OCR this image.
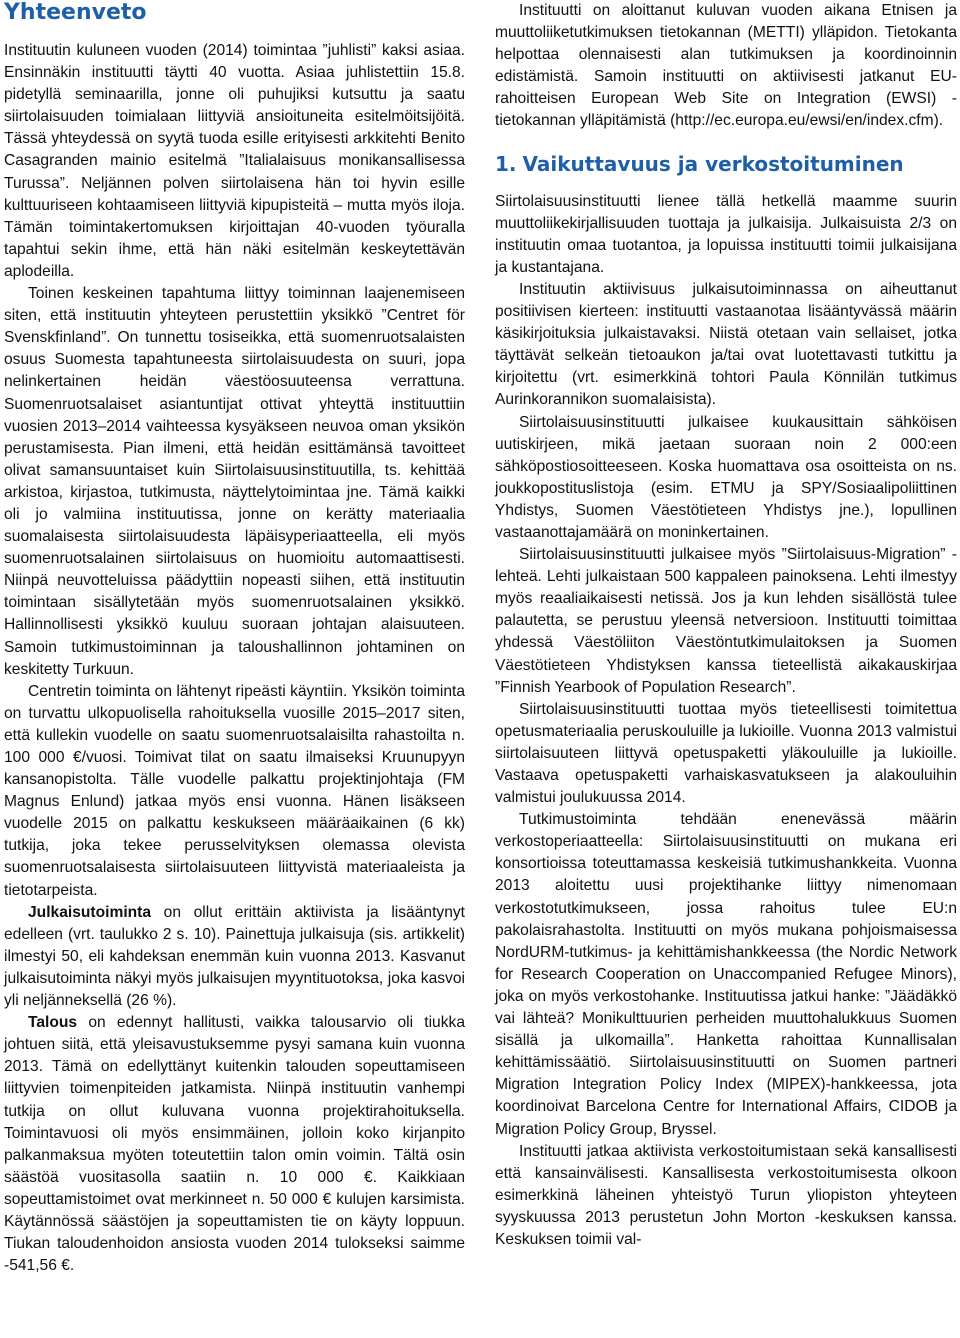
Yhteenveto

Instituutin kuluneen vuoden (2014) toimintaa ”juhlisti” kaksi asiaa. Ensinnäkin instituutti täytti 40 vuotta. Asiaa juhlistettiin 15.8. pidetyllä seminaarilla, jonne oli puhujiksi kutsuttu ja saatu siirtolaisuuden toimialaan liittyviä ansioituneita esitelmöitsijöitä. Tässä yhteydessä on syytä tuoda esille erityisesti arkkitehti Benito Casagranden mainio esitelmä ”Italialaisuus monikansallisessa Turussa”. Neljännen polven siirtolaisena hän toi hyvin esille kulttuuriseen kohtaamiseen liittyviä kipupisteitä – mutta myös iloja. Tämän toimintakertomuksen kirjoittajan 40-vuoden työuralla tapahtui sekin ihme, että hän näki esitelmän keskeytettävän aplodeilla.

Toinen keskeinen tapahtuma liittyy toiminnan laajenemiseen siten, että instituutin yhteyteen perustettiin yksikkö ”Centret för Svenskfinland”. On tunnettu tosiseikka, että suomenruotsalaisten osuus Suomesta tapahtuneesta siirtolaisuudesta on suuri, jopa nelinkertainen heidän väestöosuuteensa verrattuna. Suomenruotsalaiset asiantuntijat ottivat yhteyttä instituuttiin vuosien 2013–2014 vaihteessa kysyäkseen neuvoa oman yksikön perustamisesta. Pian ilmeni, että heidän esittämänsä tavoitteet olivat samansuuntaiset kuin Siirtolaisuusinstituutilla, ts. kehittää arkistoa, kirjastoa, tutkimusta, näyttelytoimintaa jne. Tämä kaikki oli jo valmiina instituutissa, jonne on kerätty materiaalia suomalaisesta siirtolaisuudesta läpäisyperiaatteella, eli myös suomenruotsalainen siirtolaisuus on huomioitu automaattisesti. Niinpä neuvotteluissa päädyttiin nopeasti siihen, että instituutin toimintaan sisällytetään myös suomenruotsalainen yksikkö. Hallinnollisesti yksikkö kuuluu suoraan johtajan alaisuuteen. Samoin tutkimustoiminnan ja taloushallinnon johtaminen on keskitetty Turkuun.

Centretin toiminta on lähtenyt ripeästi käyntiin. Yksikön toiminta on turvattu ulkopuolisella rahoituksella vuosille 2015–2017 siten, että kullekin vuodelle on saatu suomenruotsalaisilta rahastoilta n. 100 000 €/vuosi. Toimivat tilat on saatu ilmaiseksi Kruunupyyn kansanopistolta. Tälle vuodelle palkattu projektinjohtaja (FM Magnus Enlund) jatkaa myös ensi vuonna. Hänen lisäkseen vuodelle 2015 on palkattu keskukseen määräaikainen (6 kk) tutkija, joka tekee perusselvityksen olemassa olevista suomenruotsalaisesta siirtolaisuuteen liittyvistä materiaaleista ja tietotarpeista.

Julkaisutoiminta on ollut erittäin aktiivista ja lisääntynyt edelleen (vrt. taulukko 2 s. 10). Painettuja julkaisuja (sis. artikkelit) ilmestyi 50, eli kahdeksan enemmän kuin vuonna 2013. Kasvanut julkaisutoiminta näkyi myös julkaisujen myyntituotoksa, joka kasvoi yli neljänneksellä (26 %).

Talous on edennyt hallitusti, vaikka talousarvio oli tiukka johtuen siitä, että yleisavustuksemme pysyi samana kuin vuonna 2013. Tämä on edellyttänyt kuitenkin talouden sopeuttamiseen liittyvien toimenpiteiden jatkamista. Niinpä instituutin vanhempi tutkija on ollut kuluvana vuonna projektirahoituksella. Toimintavuosi oli myös ensimmäinen, jolloin koko kirjanpito palkanmaksua myöten toteutettiin talon omin voimin. Tältä osin säästöä vuositasolla saatiin n. 10 000 €. Kaikkiaan sopeuttamistoimet ovat merkinneet n. 50 000 € kulujen karsimista. Käytännössä säästöjen ja sopeuttamisten tie on käyty loppuun. Tiukan taloudenhoidon ansiosta vuoden 2014 tulokseksi saimme -541,56 €.

Instituutti on aloittanut kuluvan vuoden aikana Etnisen ja muuttoliiketutkimuksen tietokannan (METTI) ylläpidon. Tietokanta helpottaa olennaisesti alan tutkimuksen ja koordinoinnin edistämistä. Samoin instituutti on aktiivisesti jatkanut EU-rahoitteisen European Web Site on Integration (EWSI) -tietokannan ylläpitämistä (http://ec.europa.eu/ewsi/en/index.cfm).

1. Vaikuttavuus ja verkostoituminen

Siirtolaisuusinstituutti lienee tällä hetkellä maamme suurin muuttoliikekirjallisuuden tuottaja ja julkaisija. Julkaisuista 2/3 on instituutin omaa tuotantoa, ja lopuissa instituutti toimii julkaisijana ja kustantajana.

Instituutin aktiivisuus julkaisutoiminnassa on aiheuttanut positiivisen kierteen: instituutti vastaanotaa lisääntyvässä määrin käsikirjoituksia julkaistavaksi. Niistä otetaan vain sellaiset, jotka täyttävät selkeän tietoaukon ja/tai ovat luotettavasti tutkittu ja kirjoitettu (vrt. esimerkkinä tohtori Paula Könnilän tutkimus Aurinkorannikon suomalaisista).

Siirtolaisuusinstituutti julkaisee kuukausittain sähköisen uutiskirjeen, mikä jaetaan suoraan noin 2 000:een sähköpostiosoitteeseen. Koska huomattava osa osoitteista on ns. joukkopostituslistoja (esim. ETMU ja SPY/Sosiaalipoliittinen Yhdistys, Suomen Väestötieteen Yhdistys jne.), lopullinen vastaanottajamäärä on moninkertainen.

Siirtolaisuusinstituutti julkaisee myös ”Siirtolaisuus-Migration” -lehteä. Lehti julkaistaan 500 kappaleen painoksena. Lehti ilmestyy myös reaaliaikaisesti netissä. Jos ja kun lehden sisällöstä tulee palautetta, se perustuu yleensä netversioon. Instituutti toimittaa yhdessä Väestöliiton Väestöntutkimulaitoksen ja Suomen Väestötieteen Yhdistyksen kanssa tieteellistä aikakauskirjaa ”Finnish Yearbook of Population Research”.

Siirtolaisuusinstituutti tuottaa myös tieteellisesti toimitettua opetusmateriaalia peruskouluille ja lukioille. Vuonna 2013 valmistui siirtolaisuuteen liittyvä opetuspaketti yläkouluille ja lukioille. Vastaava opetuspaketti varhaiskasvatukseen ja alakouluihin valmistui joulukuussa 2014.

Tutkimustoiminta tehdään enenevässä määrin verkostoperiaatteella: Siirtolaisuusinstituutti on mukana eri konsortioissa toteuttamassa keskeisiä tutkimushankkeita. Vuonna 2013 aloitettu uusi projektihanke liittyy nimenomaan verkostotutkimukseen, jossa rahoitus tulee EU:n pakolaisrahastolta. Instituutti on myös mukana pohjoismaisessa NordURM-tutkimus- ja kehittämishankkeessa (the Nordic Network for Research Cooperation on Unaccompanied Refugee Minors), joka on myös verkostohanke. Instituutissa jatkui hanke: ”Jäädäkkö vai lähteä? Monikulttuurien perheiden muuttohalukkuus Suomen sisällä ja ulkomailla”. Hanketta rahoittaa Kunnallisalan kehittämissäätiö. Siirtolaisuusinstituutti on Suomen partneri Migration Integration Policy Index (MIPEX)-hankkeessa, jota koordinoivat Barcelona Centre for International Affairs, CIDOB ja Migration Policy Group, Bryssel.

Instituutti jatkaa aktiivista verkostoitumistaan sekä kansallisesti että kansainvälisesti. Kansallisesta verkostoitumisesta olkoon esimerkkinä läheinen yhteistyö Turun yliopiston yhteyteen syyskuussa 2013 perustetun John Morton -keskuksen kanssa. Keskuksen toimii val-
